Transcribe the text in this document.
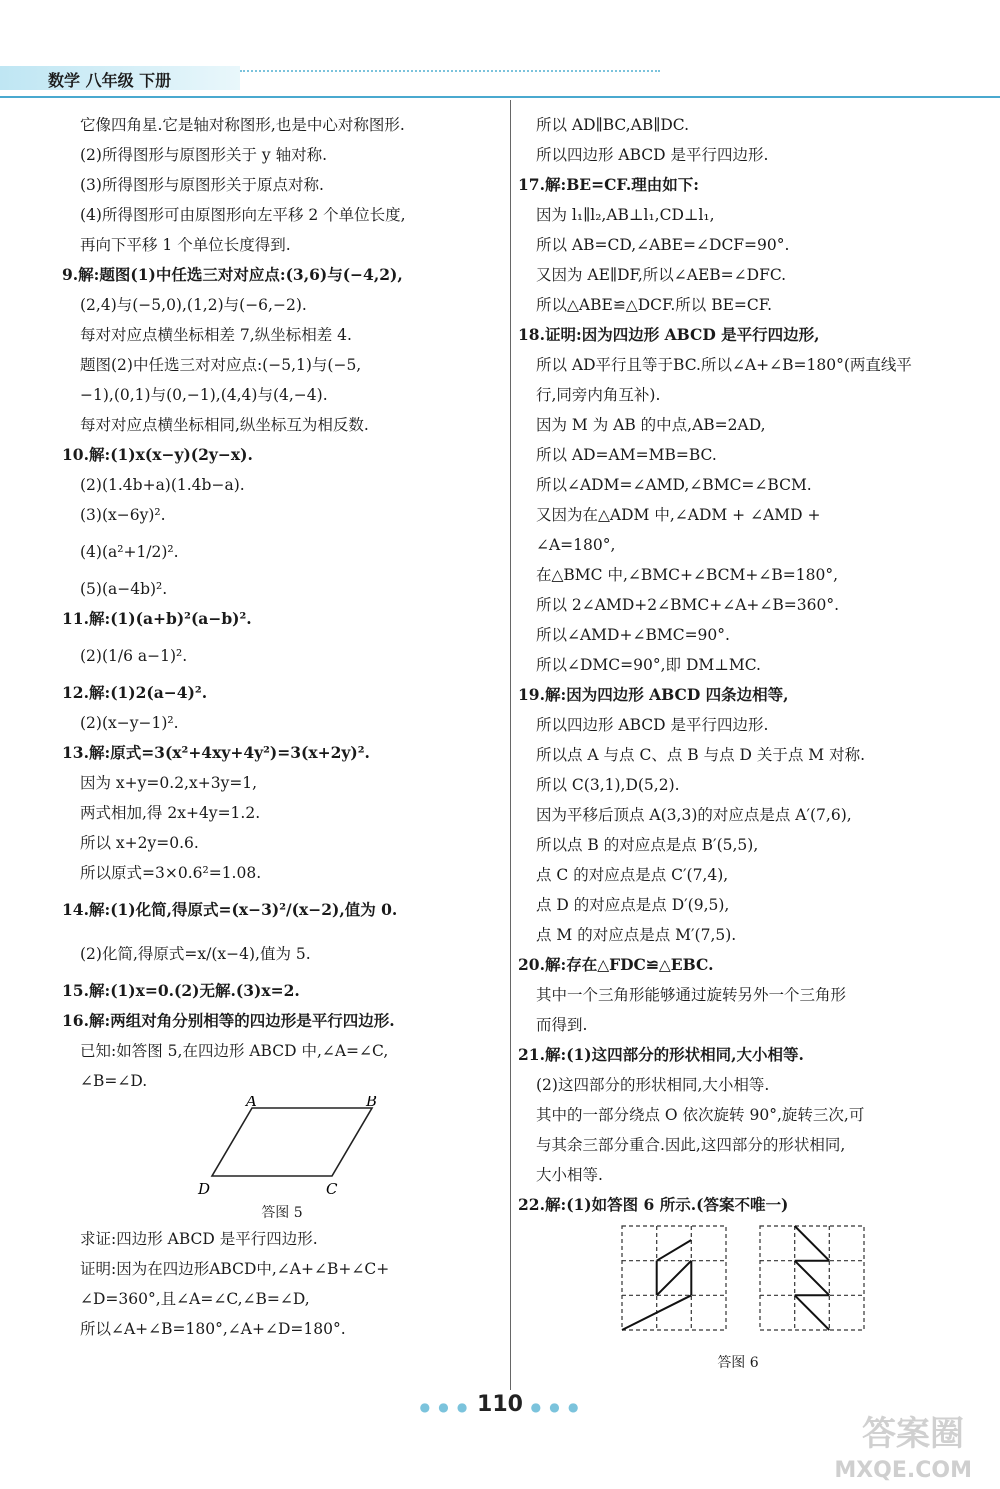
数学 八年级 下册
它像四角星.它是轴对称图形,也是中心对称图形.
(2)所得图形与原图形关于 y 轴对称.
(3)所得图形与原图形关于原点对称.
(4)所得图形可由原图形向左平移 2 个单位长度,
再向下平移 1 个单位长度得到.
9.解:题图(1)中任选三对对应点:(3,6)与(−4,2),
(2,4)与(−5,0),(1,2)与(−6,−2).
每对对应点横坐标相差 7,纵坐标相差 4.
题图(2)中任选三对对应点:(−5,1)与(−5,
−1),(0,1)与(0,−1),(4,4)与(4,−4).
每对对应点横坐标相同,纵坐标互为相反数.
10.解:(1)x(x−y)(2y−x).
(2)(1.4b+a)(1.4b−a).
(3)(x−6y)².
(4)(a²+1/2)².
(5)(a−4b)².
11.解:(1)(a+b)²(a−b)².
(2)(1/6 a−1)².
12.解:(1)2(a−4)².
(2)(x−y−1)².
13.解:原式=3(x²+4xy+4y²)=3(x+2y)².
因为 x+y=0.2,x+3y=1,
两式相加,得 2x+4y=1.2.
所以 x+2y=0.6.
所以原式=3×0.6²=1.08.
14.解:(1)化简,得原式=(x−3)²/(x−2),值为 0.
(2)化简,得原式=x/(x−4),值为 5.
15.解:(1)x=0.(2)无解.(3)x=2.
16.解:两组对角分别相等的四边形是平行四边形.
已知:如答图 5,在四边形 ABCD 中,∠A=∠C,
∠B=∠D.
A	B
C
D
答图 5
求证:四边形 ABCD 是平行四边形.
证明:因为在四边形ABCD中,∠A+∠B+∠C+
∠D=360°,且∠A=∠C,∠B=∠D,
所以∠A+∠B=180°,∠A+∠D=180°.
所以 AD∥BC,AB∥DC.
所以四边形 ABCD 是平行四边形.
17.解:BE=CF.理由如下:
因为 l₁∥l₂,AB⊥l₁,CD⊥l₁,
所以 AB=CD,∠ABE=∠DCF=90°.
又因为 AE∥DF,所以∠AEB=∠DFC.
所以△ABE≌△DCF.所以 BE=CF.
18.证明:因为四边形 ABCD 是平行四边形,
所以 AD平行且等于BC.所以∠A+∠B=180°(两直线平
行,同旁内角互补).
因为 M 为 AB 的中点,AB=2AD,
所以 AD=AM=MB=BC.
所以∠ADM=∠AMD,∠BMC=∠BCM.
又因为在△ADM 中,∠ADM + ∠AMD +
∠A=180°,
在△BMC 中,∠BMC+∠BCM+∠B=180°,
所以 2∠AMD+2∠BMC+∠A+∠B=360°.
所以∠AMD+∠BMC=90°.
所以∠DMC=90°,即 DM⊥MC.
19.解:因为四边形 ABCD 四条边相等,
所以四边形 ABCD 是平行四边形.
所以点 A 与点 C、点 B 与点 D 关于点 M 对称.
所以 C(3,1),D(5,2).
因为平移后顶点 A(3,3)的对应点是点 A′(7,6),
所以点 B 的对应点是点 B′(5,5),
点 C 的对应点是点 C′(7,4),
点 D 的对应点是点 D′(9,5),
点 M 的对应点是点 M′(7,5).
20.解:存在△FDC≌△EBC.
其中一个三角形能够通过旋转另外一个三角形
而得到.
21.解:(1)这四部分的形状相同,大小相等.
(2)这四部分的形状相同,大小相等.
其中的一部分绕点 O 依次旋转 90°,旋转三次,可
与其余三部分重合.因此,这四部分的形状相同,
大小相等.
22.解:(1)如答图 6 所示.(答案不唯一)
答图 6
● ● ● 110 ● ● ●
答案圈
MXQE.COM
